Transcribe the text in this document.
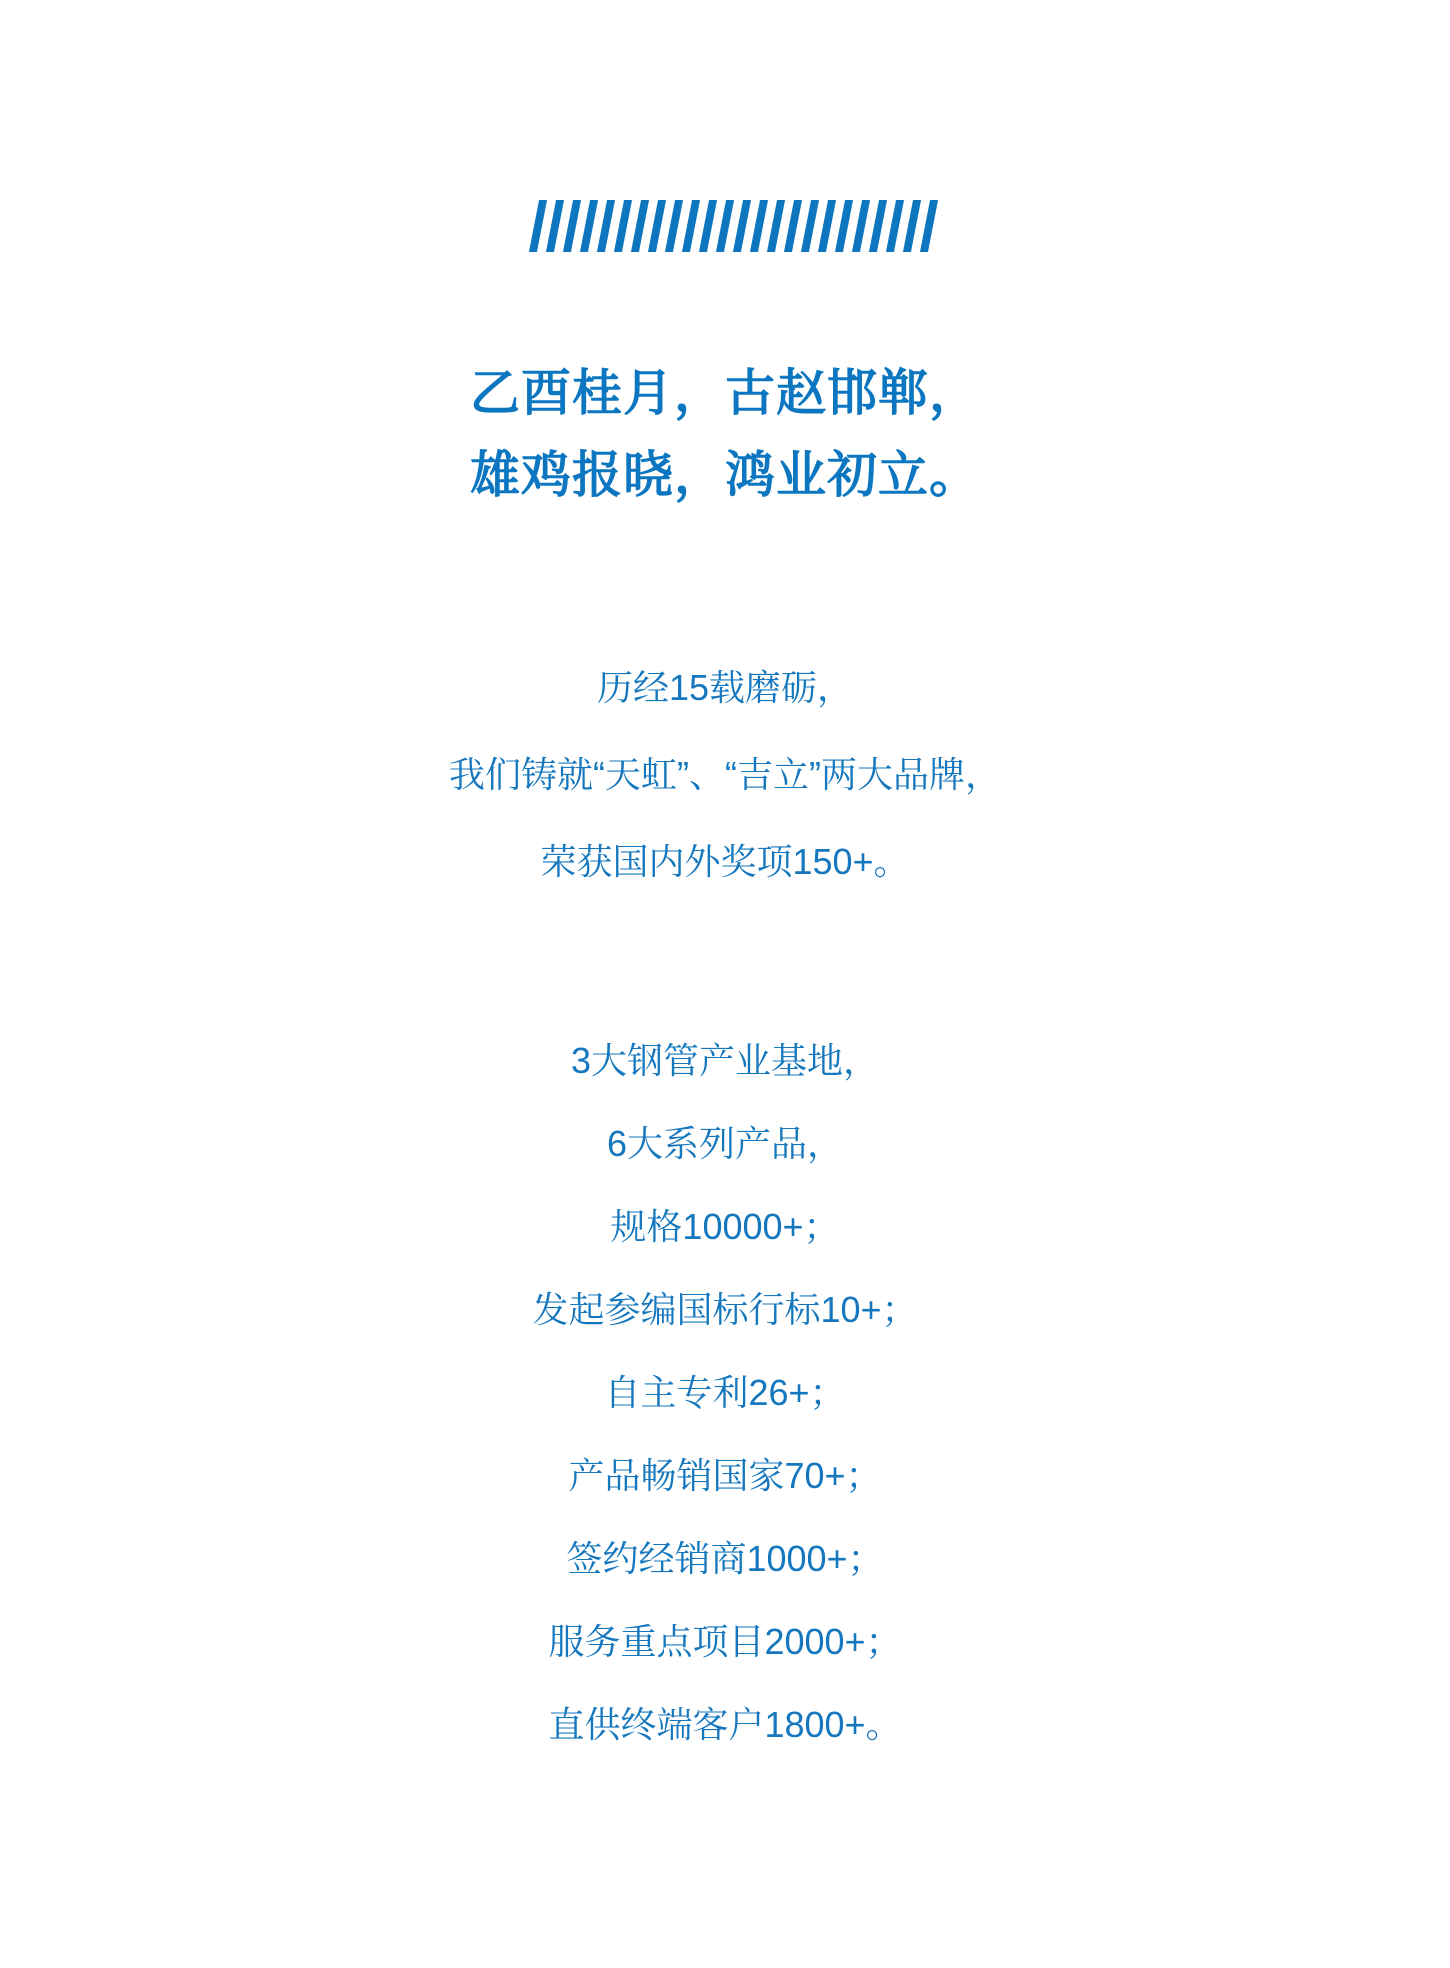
乙酉桂月，古赵邯郸，
雄鸡报晓，鸿业初立。
历经15载磨砺，
我们铸就“天虹”、“吉立”两大品牌，
荣获国内外奖项150+。
3大钢管产业基地，
6大系列产品，
规格10000+；
发起参编国标行标10+；
自主专利26+；
产品畅销国家70+；
签约经销商1000+；
服务重点项目2000+；
直供终端客户1800+。
